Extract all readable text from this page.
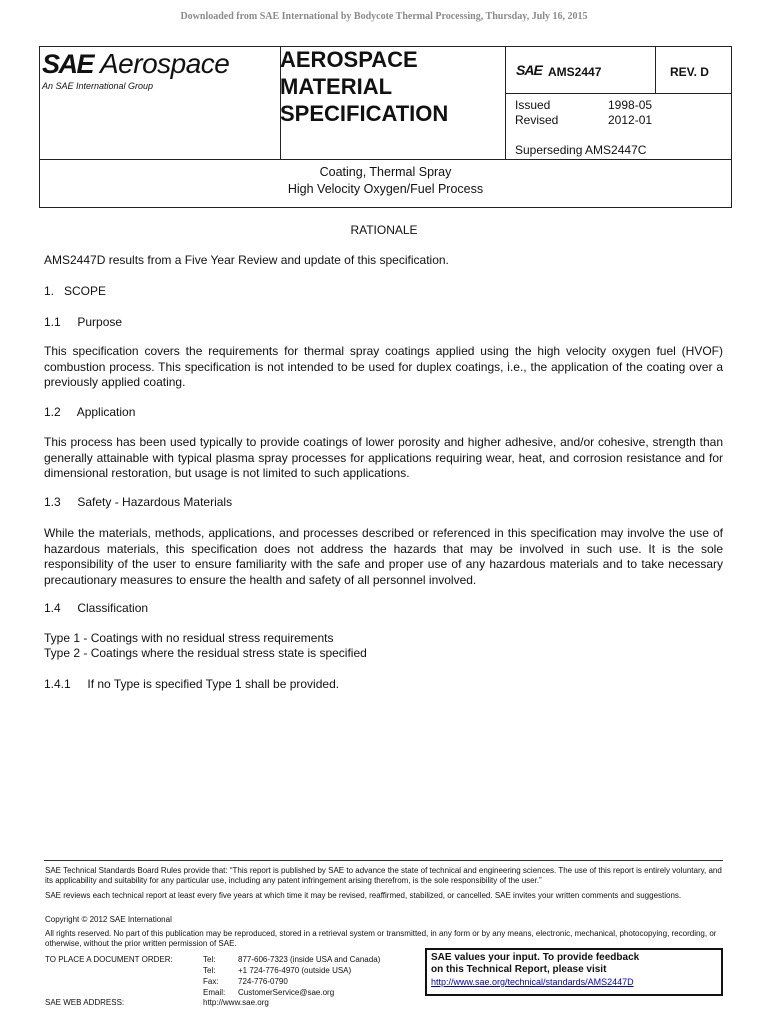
Downloaded from SAE International by Bodycote Thermal Processing, Thursday, July 16, 2015
SAE Aerospace
An SAE International Group
AEROSPACE
MATERIAL
SPECIFICATION
SAE AMS2447	REV. D
Issued	1998-05
Revised	2012-01
Superseding AMS2447C
Coating, Thermal Spray
High Velocity Oxygen/Fuel Process
RATIONALE
AMS2447D results from a Five Year Review and update of this specification.
1.   SCOPE
1.1     Purpose
This specification covers the requirements for thermal spray coatings applied using the high velocity oxygen fuel (HVOF) combustion process. This specification is not intended to be used for duplex coatings, i.e., the application of the coating over a previously applied coating.
1.2     Application
This process has been used typically to provide coatings of lower porosity and higher adhesive, and/or cohesive, strength than generally attainable with typical plasma spray processes for applications requiring wear, heat, and corrosion resistance and for dimensional restoration, but usage is not limited to such applications.
1.3     Safety - Hazardous Materials
While the materials, methods, applications, and processes described or referenced in this specification may involve the use of hazardous materials, this specification does not address the hazards that may be involved in such use. It is the sole responsibility of the user to ensure familiarity with the safe and proper use of any hazardous materials and to take necessary precautionary measures to ensure the health and safety of all personnel involved.
1.4     Classification
Type 1 - Coatings with no residual stress requirements
Type 2 - Coatings where the residual stress state is specified
1.4.1     If no Type is specified Type 1 shall be provided.
SAE Technical Standards Board Rules provide that: “This report is published by SAE to advance the state of technical and engineering sciences. The use of this report is entirely voluntary, and its applicability and suitability for any particular use, including any patent infringement arising therefrom, is the sole responsibility of the user.”
SAE reviews each technical report at least every five years at which time it may be revised, reaffirmed, stabilized, or cancelled. SAE invites your written comments and suggestions.
Copyright © 2012 SAE International
All rights reserved. No part of this publication may be reproduced, stored in a retrieval system or transmitted, in any form or by any means, electronic, mechanical, photocopying, recording, or otherwise, without the prior written permission of SAE.
TO PLACE A DOCUMENT ORDER:	Tel:	877-606-7323 (inside USA and Canada)
Tel:	+1 724-776-4970 (outside USA)
Fax: 724-776-0790
Email: CustomerService@sae.org
SAE WEB ADDRESS:	http://www.sae.org
SAE values your input. To provide feedback
on this Technical Report, please visit
http://www.sae.org/technical/standards/AMS2447D
